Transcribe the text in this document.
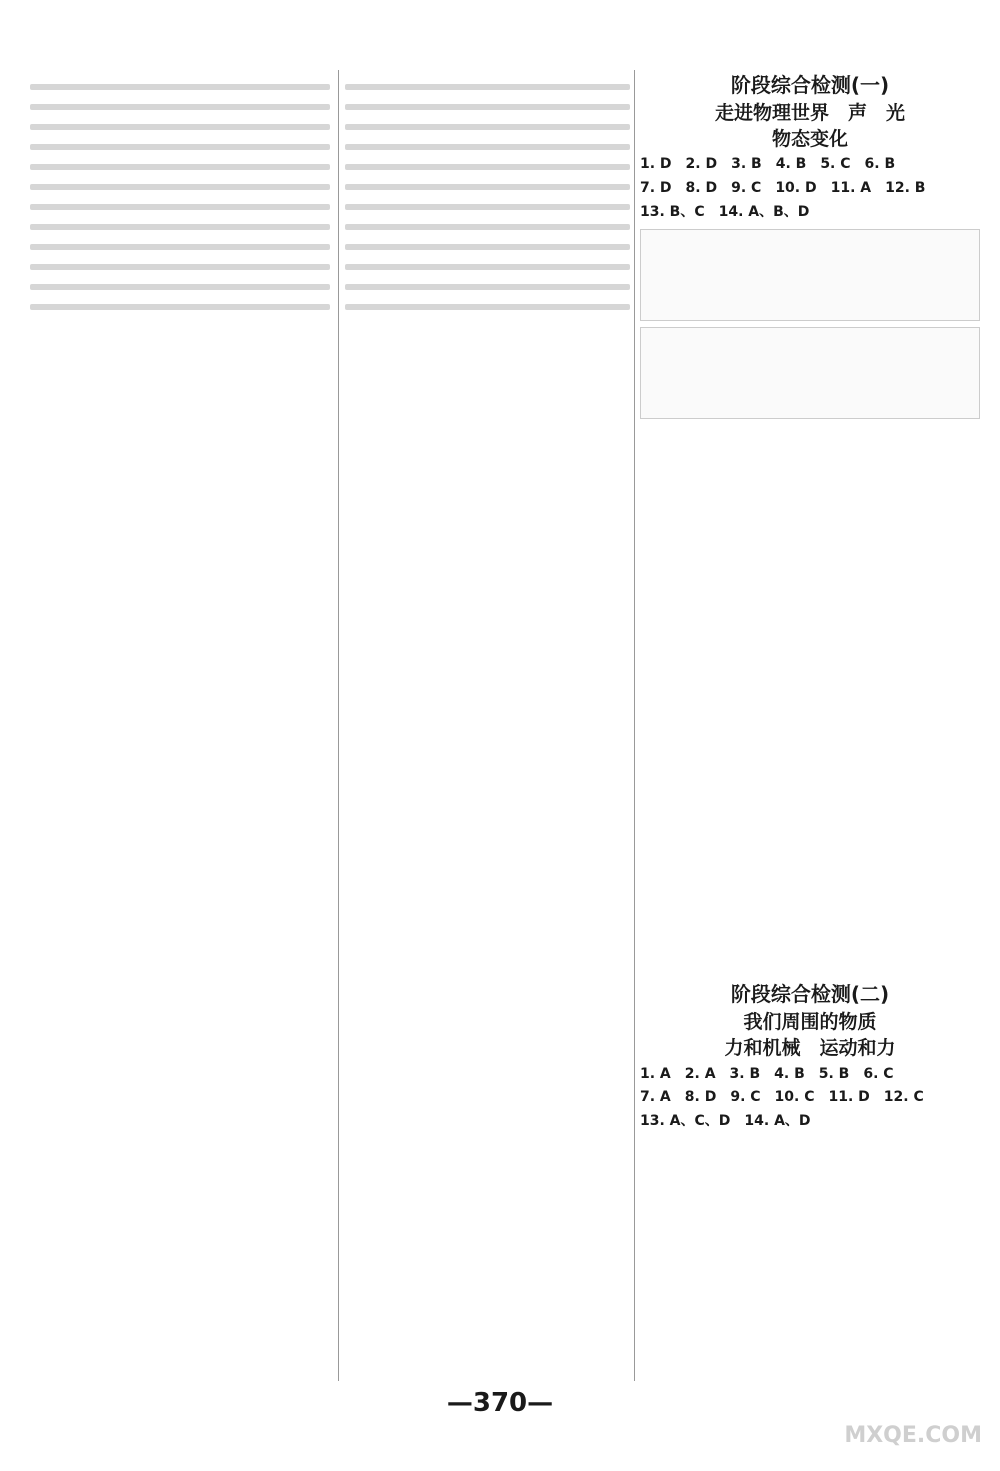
阶段综合检测(一)
走进物理世界　声　光
物态变化
1. D　2. D　3. B　4. B　5. C　6. B
7. D　8. D　9. C　10. D　11. A　12. B
13. B、C　14. A、B、D
阶段综合检测(二)
我们周围的物质
力和机械　运动和力
1. A　2. A　3. B　4. B　5. B　6. C
7. A　8. D　9. C　10. C　11. D　12. C
13. A、C、D　14. A、D
—370—
MXQE.COM
